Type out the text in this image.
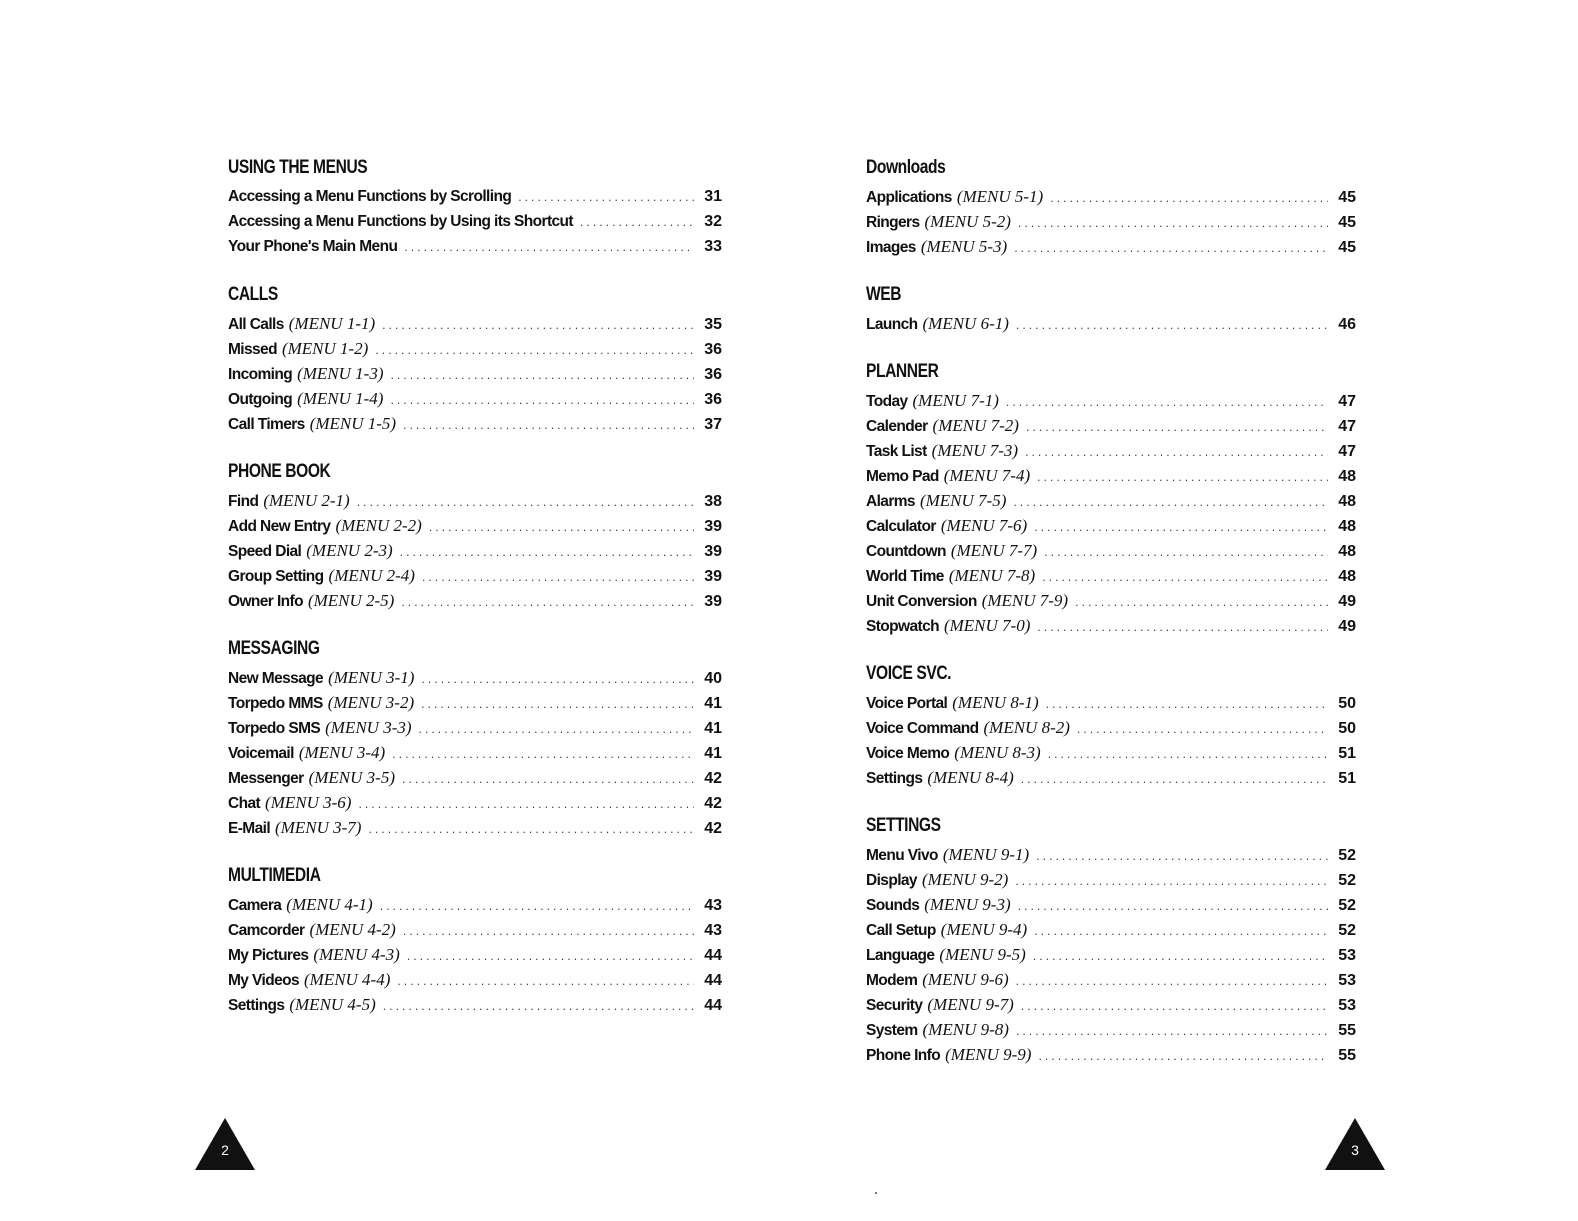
USING THE MENUS
Accessing a Menu Functions by Scrolling .....	31
Accessing a Menu Functions by Using its Shortcut .....	32
Your Phone's Main Menu .....	33
CALLS
All Calls (MENU 1-1) .....	35
Missed (MENU 1-2) .....	36
Incoming (MENU 1-3) .....	36
Outgoing (MENU 1-4) .....	36
Call Timers (MENU 1-5) .....	37
PHONE BOOK
Find (MENU 2-1) .....	38
Add New Entry (MENU 2-2) .....	39
Speed Dial (MENU 2-3) .....	39
Group Setting (MENU 2-4) .....	39
Owner Info (MENU 2-5) .....	39
MESSAGING
New Message (MENU 3-1) .....	40
Torpedo MMS (MENU 3-2) .....	41
Torpedo SMS (MENU 3-3) .....	41
Voicemail (MENU 3-4) .....	41
Messenger (MENU 3-5) .....	42
Chat (MENU 3-6) .....	42
E-Mail (MENU 3-7) .....	42
MULTIMEDIA
Camera (MENU 4-1) .....	43
Camcorder (MENU 4-2) .....	43
My Pictures (MENU 4-3) .....	44
My Videos (MENU 4-4) .....	44
Settings (MENU 4-5) .....	44
Downloads
Applications (MENU 5-1) .....	45
Ringers (MENU 5-2) .....	45
Images (MENU 5-3) .....	45
WEB
Launch (MENU 6-1) .....	46
PLANNER
Today (MENU 7-1) .....	47
Calender (MENU 7-2) .....	47
Task List (MENU 7-3) .....	47
Memo Pad (MENU 7-4) .....	48
Alarms (MENU 7-5) .....	48
Calculator (MENU 7-6) .....	48
Countdown (MENU 7-7) .....	48
World Time (MENU 7-8) .....	48
Unit Conversion (MENU 7-9) .....	49
Stopwatch (MENU 7-0) .....	49
VOICE SVC.
Voice Portal (MENU 8-1) .....	50
Voice Command (MENU 8-2) .....	50
Voice Memo (MENU 8-3) .....	51
Settings (MENU 8-4) .....	51
SETTINGS
Menu Vivo (MENU 9-1) .....	52
Display (MENU 9-2) .....	52
Sounds (MENU 9-3) .....	52
Call Setup (MENU 9-4) .....	52
Language (MENU 9-5) .....	53
Modem (MENU 9-6) .....	53
Security (MENU 9-7) .....	53
System (MENU 9-8) .....	55
Phone Info (MENU 9-9) .....	55
2	3
